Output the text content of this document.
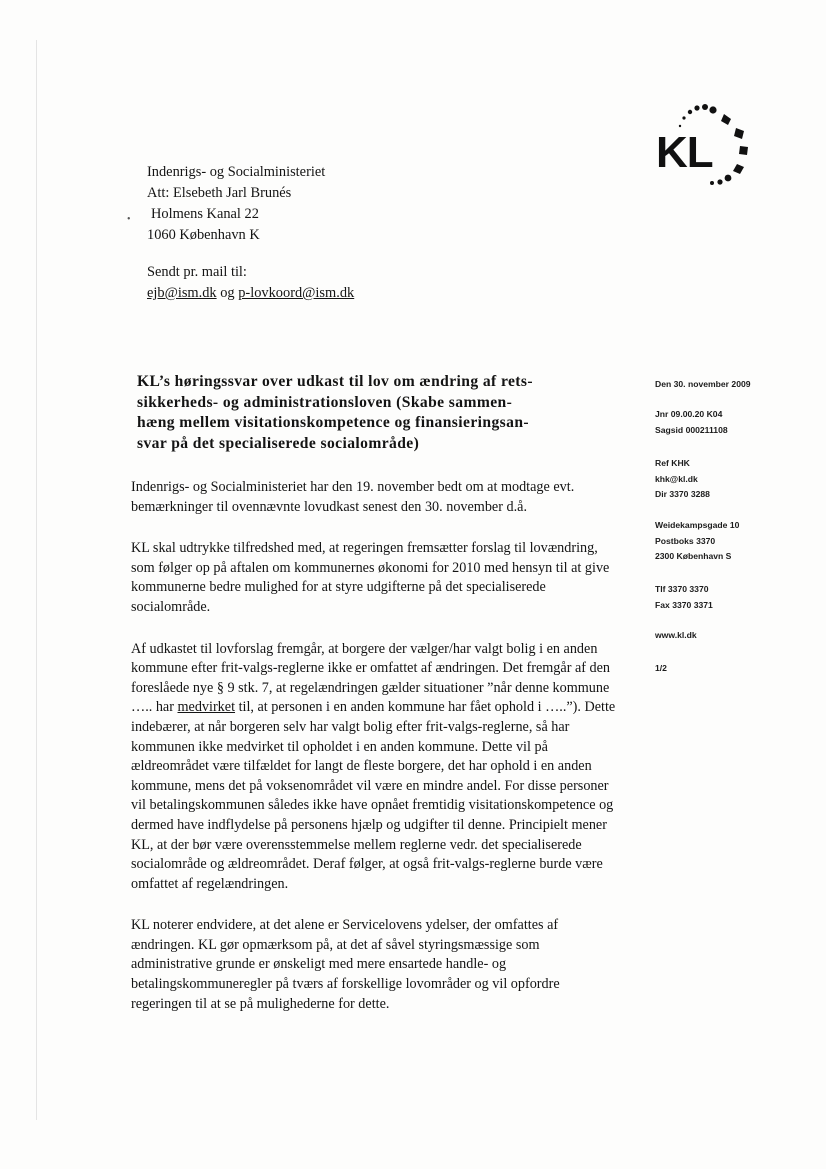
KL
Indenrigs- og Socialministeriet
Att: Elsebeth Jarl Brunés
Holmens Kanal 22
1060 København K
•
Sendt pr. mail til:
ejb@ism.dk og p-lovkoord@ism.dk
KL’s høringssvar over udkast til lov om ændring af rets-
sikkerheds- og administrationsloven (Skabe sammen-
hæng mellem visitationskompetence og finansieringsan-
svar på det specialiserede socialområde)

Indenrigs- og Socialministeriet har den 19. november bedt om at modtage evt. bemærkninger til ovennævnte lovudkast senest den 30. november d.å.

KL skal udtrykke tilfredshed med, at regeringen fremsætter forslag til lovændring, som følger op på aftalen om kommunernes økonomi for 2010 med hensyn til at give kommunerne bedre mulighed for at styre udgifterne på det specialiserede socialområde.

Af udkastet til lovforslag fremgår, at borgere der vælger/har valgt bolig i en anden kommune efter frit-valgs-reglerne ikke er omfattet af ændringen. Det fremgår af den foreslåede nye § 9 stk. 7, at regelændringen gælder situationer ”når denne kommune ….. har medvirket til, at personen i en anden kommune har fået ophold i …..”). Dette indebærer, at når borgeren selv har valgt bolig efter frit-valgs-reglerne, så har kommunen ikke medvirket til opholdet i en anden kommune. Dette vil på ældreområdet være tilfældet for langt de fleste borgere, det har ophold i en anden kommune, mens det på voksenområdet vil være en mindre andel. For disse personer vil betalingskommunen således ikke have opnået fremtidig visitationskompetence og dermed have indflydelse på personens hjælp og udgifter til denne. Principielt mener KL, at der bør være overensstemmelse mellem reglerne vedr. det specialiserede socialområde og ældreområdet. Deraf følger, at også frit-valgs-reglerne burde være omfattet af regelændringen.

KL noterer endvidere, at det alene er Servicelovens ydelser, der omfattes af ændringen. KL gør opmærksom på, at det af såvel styringsmæssige som administrative grunde er ønskeligt med mere ensartede handle- og betalingskommuneregler på tværs af forskellige lovområder og vil opfordre regeringen til at se på mulighederne for dette.

Den 30. november 2009
Jnr 09.00.20 K04
Sagsid 000211108
Ref KHK
khk@kl.dk
Dir 3370 3288
Weidekampsgade 10
Postboks 3370
2300 København S
Tlf 3370 3370
Fax 3370 3371
www.kl.dk
1/2
